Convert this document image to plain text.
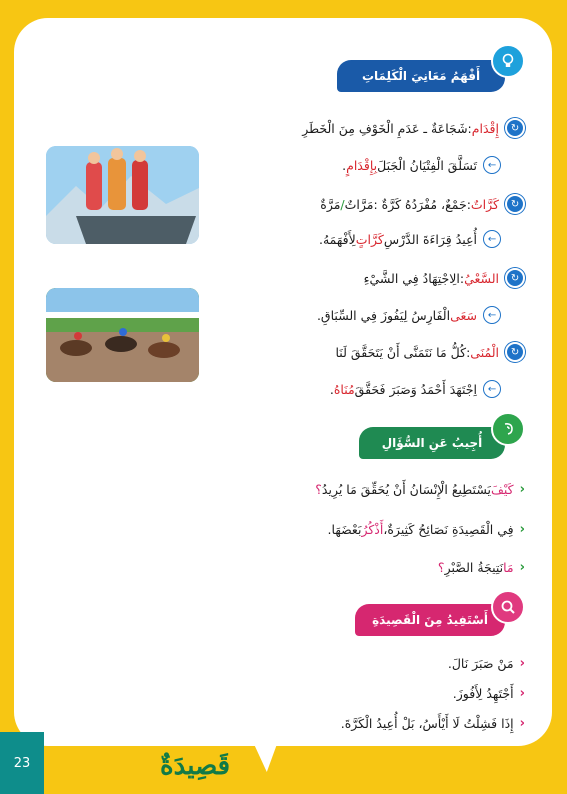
23	قَصِيدَةٌ
أَفْهَمُ مَعَانِيَ الْكَلِمَاتِ
↻
إِقْدَام
:
شَجَاعَةٌ ـ عَدَمِ الْخَوْفِ مِنَ الْخَطَرِ
←
تَسَلَّقَ الْفِتْيَانُ الْجَبَلَ
بِإِقْدَامٍ
.
↻
كَرَّاتٌ
:
جَمْعٌ، مُفْرَدُهُ كَرَّةٌ :
مَرَّاتٌ
/
مَرَّةٌ
←
أُعِيدُ قِرَاءَةَ الدَّرْسِ
كَرَّاتٍ
لِأَفْهَمَهُ.
↻
السَّعْيُ
:
الِاجْتِهَادُ فِي الشَّيْءِ
←
سَعَى
الْفَارِسُ لِيَفُوزَ فِي السِّبَاقِ.
↻
الْمُنَى
:
كُلُّ مَا نَتَمَنَّى أَنْ يَتَحَقَّقَ لَنَا
←
اِجْتَهَدَ أَحْمَدُ وَصَبَرَ فَحَقَّقَ
مُنَاهُ
.
أُجِيبُ عَنِ السُّؤَالِ
‹
كَيْفَ
يَسْتَطِيعُ الْإِنْسَانُ أَنْ يُحَقِّقَ مَا يُرِيدُ
؟
‹
فِي الْقَصِيدَةِ نَصَائِحُ كَثِيرَةٌ،
أَذْكُرُ
بَعْضَهَا.
‹
مَا
نَتِيجَةُ الصَّبْرِ
؟
أَسْتَفِيدُ مِنَ الْقَصِيدَةِ
‹
مَنْ صَبَرَ نَالَ.
‹
أَجْتَهِدُ لِأَفُوزَ.
‹
إِذَا فَشِلْتُ لَا أَيْأَسُ، بَلْ أُعِيدُ الْكَرَّةَ.
